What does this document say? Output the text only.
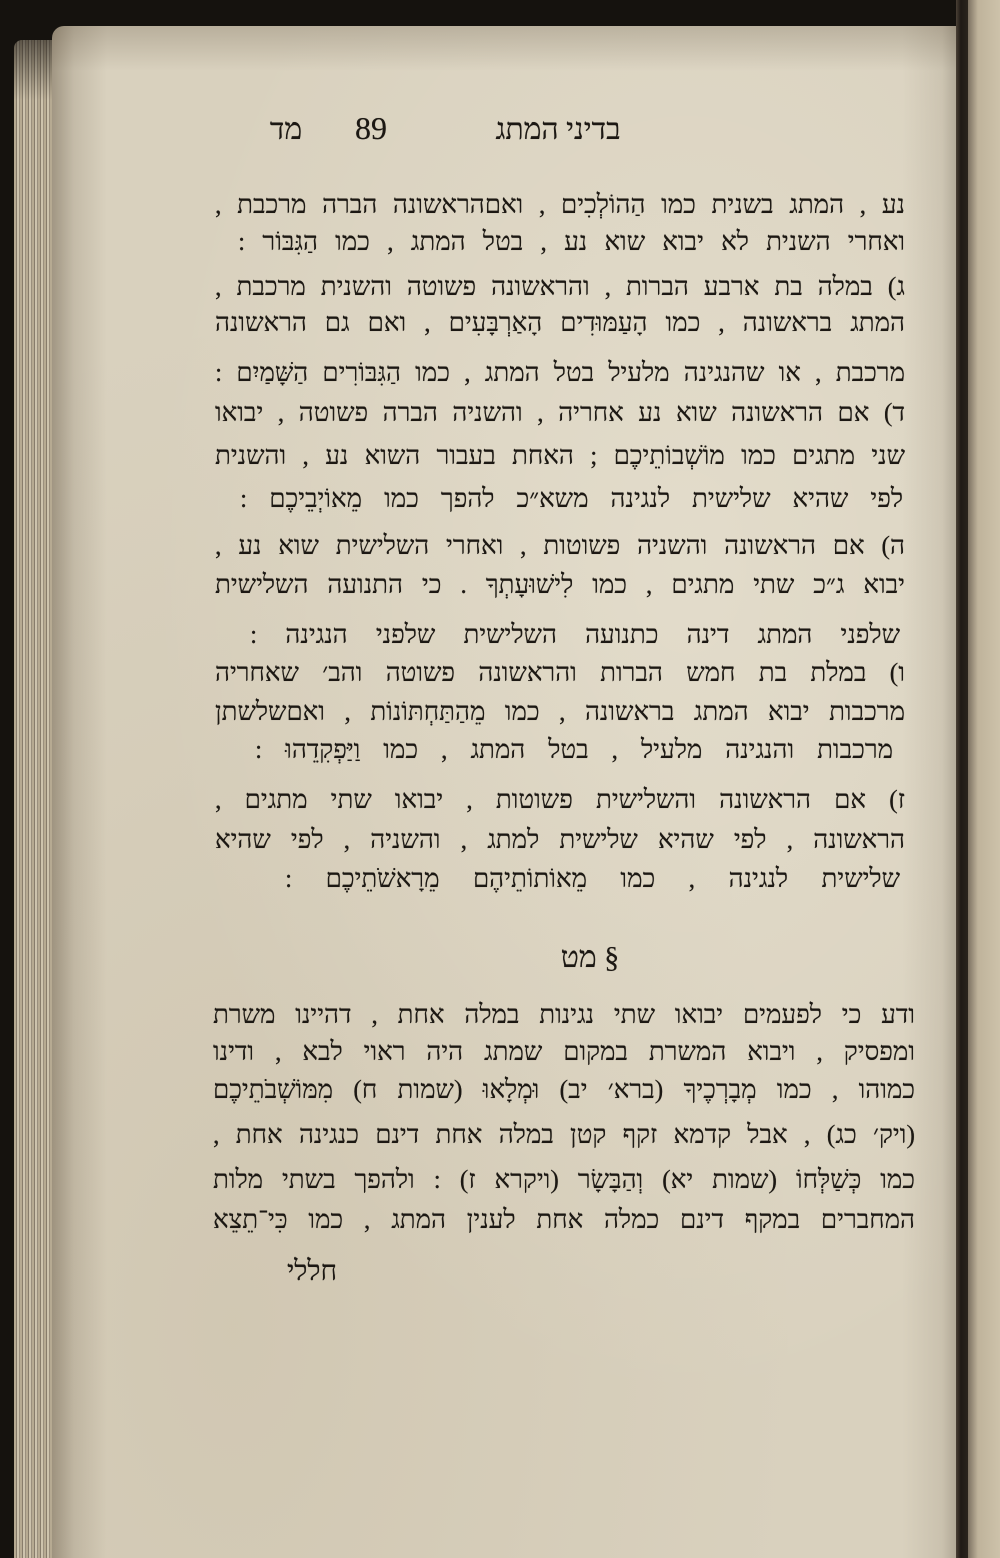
בדיני המתג
89
מד
נע , המתג בשנית כמו הַהוֹלְכִים , ואםהראשונה הברה מרכבת ,
ואחרי השנית לא יבוא שוא נע , בטל המתג , כמו הַגִּבּוֹר :
ג) במלה בת ארבע הברות , והראשונה פשוטה והשנית מרכבת ,
המתג בראשונה , כמו הָעַמּוּדִים הָאַרְבָּעִים , ואם גם הראשונה
מרכבת , או שהנגינה מלעיל בטל המתג , כמו הַגִּבּוֹרִים הַשָּׁמַיִם :
ד) אם הראשונה שוא נע אחריה , והשניה הברה פשוטה , יבואו
שני מתגים כמו מוֹשְׁבוֹתֵיכֶם ; האחת בעבור השוא נע , והשנית
לפי שהיא שלישית לנגינה משא״כ להפך כמו מֵאוֹיְבֵיכֶם :
ה) אם הראשונה והשניה פשוטות , ואחרי השלישית שוא נע ,
יבוא ג״כ שתי מתגים , כמו לִישׁוּעָתְךָ . כי התנועה השלישית
שלפני המתג דינה כתנועה השלישית שלפני הנגינה :
ו) במלת בת חמש הברות והראשונה פשוטה והב׳ שאחריה
מרכבות יבוא המתג בראשונה , כמו מֵהַתַּחְתּוֹנוֹת , ואםשלשתן
מרכבות והנגינה מלעיל , בטל המתג , כמו וַיַּפְקִדֵהוּ :
ז) אם הראשונה והשלישית פשוטות , יבואו שתי מתגים ,
הראשונה , לפי שהיא שלישית למתג , והשניה , לפי שהיא
שלישית לנגינה , כמו מֵאוֹתוֹתֵיהֶם מֵרָאשֹׁתֵיכֶם :
§ מט
ודע כי לפעמים יבואו שתי נגינות במלה אחת , דהיינו משרת
ומפסיק , ויבוא המשרת במקום שמתג היה ראוי לבא , ודינו
כמוהו , כמו מְבָרְכֶיךָ (ברא׳ יב) וּמְלָאוּ (שמות ח) מִמּוֹשְׁבֹתֵיכֶם
(ויק׳ כג) , אבל קדמא זקף קטן במלה אחת דינם כנגינה אחת ,
כמו כְּשַׁלְּחוֹ (שמות יא) וְהַבָּשָׂר (ויקרא ז) : ולהפך בשתי מלות
המחברים במקף דינם כמלה אחת לענין המתג , כמו כִּי־תֵצֵא
חללי
